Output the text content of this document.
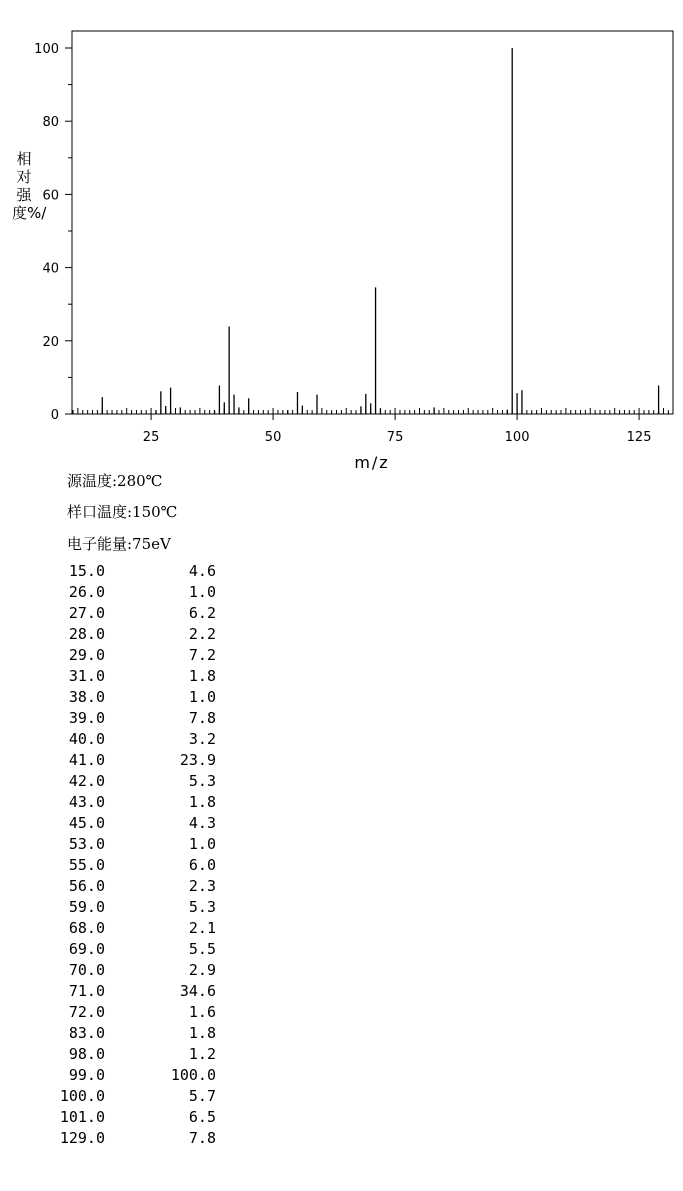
25	50	75	100	125
0
20
40
60
80
100
m/z
相对强度%/
源温度:280℃
样口温度:150℃
电子能量:75eV
15.0	4.6
26.0	1.0
27.0	6.2
28.0	2.2
29.0	7.2
31.0	1.8
38.0	1.0
39.0	7.8
40.0	3.2
41.0	23.9
42.0	5.3
43.0	1.8
45.0	4.3
53.0	1.0
55.0	6.0
56.0	2.3
59.0	5.3
68.0	2.1
69.0	5.5
70.0	2.9
71.0	34.6
72.0	1.6
83.0	1.8
98.0	1.2
99.0	100.0
100.0	5.7
101.0	6.5
129.0	7.8
